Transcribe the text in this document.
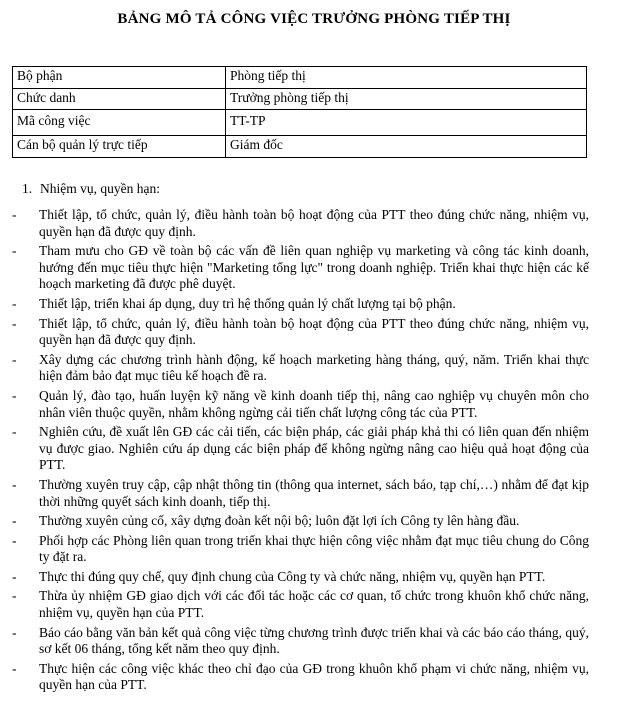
BẢNG MÔ TẢ CÔNG VIỆC TRƯỞNG PHÒNG TIẾP THỊ
Bộ phận	Phòng tiếp thị
Chức danh	Trưởng phòng tiếp thị
Mã công việc	TT-TP
Cán bộ quản lý trực tiếp	Giám đốc
1. Nhiệm vụ, quyền hạn:
-	Thiết lập, tổ chức, quản lý, điều hành toàn bộ hoạt động của PTT theo đúng chức năng, nhiệm vụ, quyền hạn đã được quy định.
-	Tham mưu cho GĐ về toàn bộ các vấn đề liên quan nghiệp vụ marketing và công tác kinh doanh, hướng đến mục tiêu thực hiện "Marketing tổng lực" trong doanh nghiệp. Triển khai thực hiện các kế hoạch marketing đã được phê duyệt.
-	Thiết lập, triển khai áp dụng, duy trì hệ thống quản lý chất lượng tại bộ phận.
-	Thiết lập, tổ chức, quản lý, điều hành toàn bộ hoạt động của PTT theo đúng chức năng, nhiệm vụ, quyền hạn đã được quy định.
-	Xây dựng các chương trình hành động, kế hoạch marketing hàng tháng, quý, năm. Triển khai thực hiện đảm bảo đạt mục tiêu kế hoạch đề ra.
-	Quản lý, đào tạo, huấn luyện kỹ năng về kinh doanh tiếp thị, nâng cao nghiệp vụ chuyên môn cho nhân viên thuộc quyền, nhằm không ngừng cải tiến chất lượng công tác của PTT.
-	Nghiên cứu, đề xuất lên GĐ các cải tiến, các biện pháp, các giải pháp khả thi có liên quan đến nhiệm vụ được giao. Nghiên cứu áp dụng các biện pháp để không ngừng nâng cao hiệu quả hoạt động của PTT.
-	Thường xuyên truy cập, cập nhật thông tin (thông qua internet, sách báo, tạp chí,…) nhằm để đạt kịp thời những quyết sách kinh doanh, tiếp thị.
-	Thường xuyên củng cố, xây dựng đoàn kết nội bộ; luôn đặt lợi ích Công ty lên hàng đầu.
-	Phối hợp các Phòng liên quan trong triển khai thực hiện công việc nhằm đạt mục tiêu chung do Công ty đặt ra.
-	Thực thi đúng quy chế, quy định chung của Công ty và chức năng, nhiệm vụ, quyền hạn PTT.
-	Thừa ủy nhiệm GĐ giao dịch với các đối tác hoặc các cơ quan, tổ chức trong khuôn khổ chức năng, nhiệm vụ, quyền hạn của PTT.
-	Báo cáo bằng văn bản kết quả công việc từng chương trình được triển khai và các báo cáo tháng, quý, sơ kết 06 tháng, tổng kết năm theo quy định.
-	Thực hiện các công việc khác theo chỉ đạo của GĐ trong khuôn khổ phạm vi chức năng, nhiệm vụ, quyền hạn của PTT.
